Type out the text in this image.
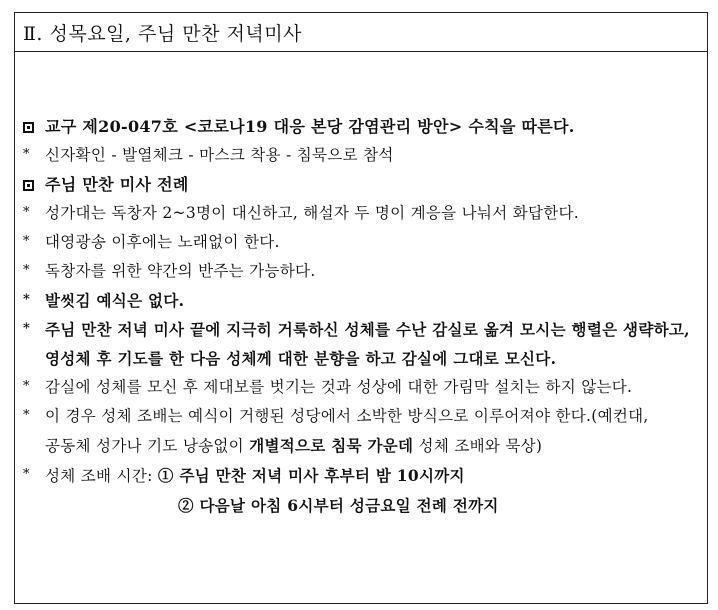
Ⅱ. 성목요일, 주님 만찬 저녁미사
교구 제20-047호 <코로나19 대응 본당 감염관리 방안> 수칙을 따른다.
*	신자확인 - 발열체크 - 마스크 착용 - 침묵으로 참석
주님 만찬 미사 전례
*	성가대는 독창자 2~3명이 대신하고, 해설자 두 명이 계응을 나눠서 화답한다.
*	대영광송 이후에는 노래없이 한다.
*	독창자를 위한 약간의 반주는 가능하다.
* 발씻김 예식은 없다.
* 주님 만찬 저녁 미사 끝에 지극히 거룩하신 성체를 수난 감실로 옮겨 모시는 행렬은 생략하고, 영성체 후 기도를 한 다음 성체께 대한 분향을 하고 감실에 그대로 모신다.
*	감실에 성체를 모신 후 제대보를 벗기는 것과 성상에 대한 가림막 설치는 하지 않는다.
*	이 경우 성체 조배는 예식이 거행된 성당에서 소박한 방식으로 이루어져야 한다.(예컨대, 공동체 성가나 기도 낭송없이 개별적으로 침묵 가운데 성체 조배와 묵상)
*	성체 조배 시간: ① 주님 만찬 저녁 미사 후부터 밤 10시까지
② 다음날 아침 6시부터 성금요일 전례 전까지
